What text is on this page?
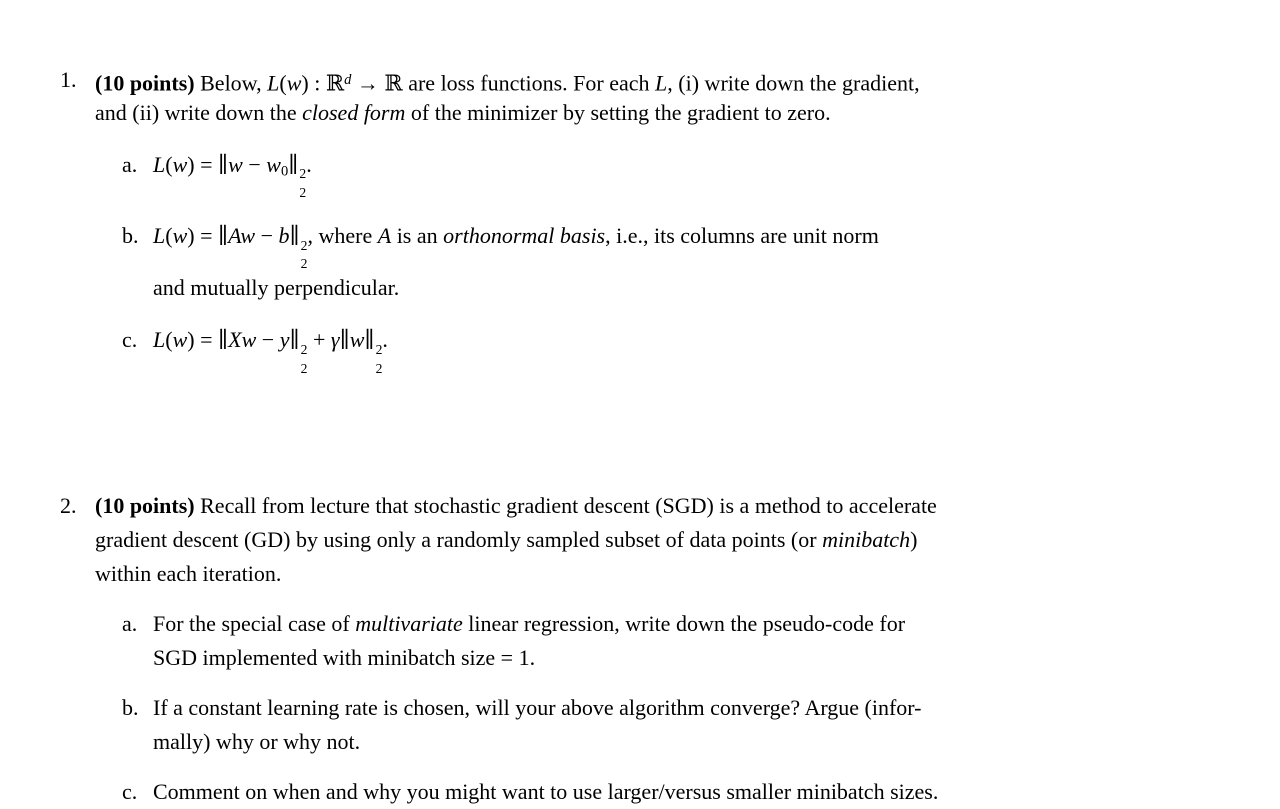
1. (10 points) Below, L(w) : ℝ$^d$ → ℝ are loss functions. For each L, (i) write down the gradient,
and (ii) write down the closed form of the minimizer by setting the gradient to zero.

a. L(w) = ∥w − w0∥ 2
2
.
b. L(w) = ∥Aw − b∥ 2
2
, where A is an orthonormal basis, i.e., its columns are unit norm
and mutually perpendicular.
c. L(w) = ∥Xw − y∥ 2
2
+ γ∥w∥ 2
2
.
2. (10 points) Recall from lecture that stochastic gradient descent (SGD) is a method to accelerate
gradient descent (GD) by using only a randomly sampled subset of data points (or minibatch)
within each iteration.

a. For the special case of multivariate linear regression, write down the pseudo-code for
SGD implemented with minibatch size = 1.
b. If a constant learning rate is chosen, will your above algorithm converge? Argue (infor-
mally) why or why not.
c. Comment on when and why you might want to use larger/versus smaller minibatch sizes.
